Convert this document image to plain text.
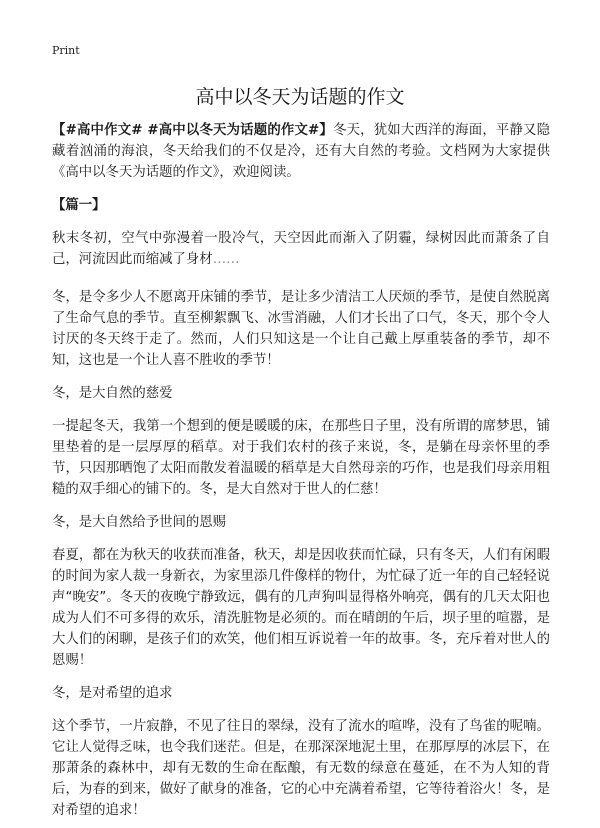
Print
高中以冬天为话题的作文

【#高中作文# #高中以冬天为话题的作文#】冬天，犹如大西洋的海面，平静又隐藏着汹涌的海浪，冬天给我们的不仅是冷，还有大自然的考验。文档网为大家提供《高中以冬天为话题的作文》，欢迎阅读。

【篇一】

秋末冬初，空气中弥漫着一股冷气，天空因此而渐入了阴霾，绿树因此而萧条了自己，河流因此而缩减了身材……

冬，是令多少人不愿离开床铺的季节，是让多少清洁工人厌烦的季节，是使自然脱离了生命气息的季节。直至柳絮飘飞、冰雪消融，人们才长出了口气，冬天，那个令人讨厌的冬天终于走了。然而，人们只知这是一个让自己戴上厚重装备的季节，却不知，这也是一个让人喜不胜收的季节！

冬，是大自然的慈爱

一提起冬天，我第一个想到的便是暖暖的床，在那些日子里，没有所谓的席梦思，铺里垫着的是一层厚厚的稻草。对于我们农村的孩子来说，冬，是躺在母亲怀里的季节，只因那晒饱了太阳而散发着温暖的稻草是大自然母亲的巧作，也是我们母亲用粗糙的双手细心的铺下的。冬，是大自然对于世人的仁慈！

冬，是大自然给予世间的恩赐

春夏，都在为秋天的收获而准备，秋天，却是因收获而忙碌，只有冬天，人们有闲暇的时间为家人裁一身新衣，为家里添几件像样的物什，为忙碌了近一年的自己轻轻说声“晚安”。冬天的夜晚宁静致远，偶有的几声狗叫显得格外响亮，偶有的几天太阳也成为人们不可多得的欢乐，清洗脏物是必须的。而在晴朗的午后，坝子里的喧嚣，是大人们的闲聊，是孩子们的欢笑，他们相互诉说着一年的故事。冬，充斥着对世人的恩赐！

冬，是对希望的追求

这个季节，一片寂静，不见了往日的翠绿，没有了流水的喧哗，没有了鸟雀的呢喃。它让人觉得乏味，也令我们迷茫。但是，在那深深地泥土里，在那厚厚的冰层下，在那萧条的森林中，却有无数的生命在酝酿，有无数的绿意在蔓延，在不为人知的背后，为春的到来，做好了献身的准备，它的心中充满着希望，它等待着浴火！冬，是对希望的追求！
